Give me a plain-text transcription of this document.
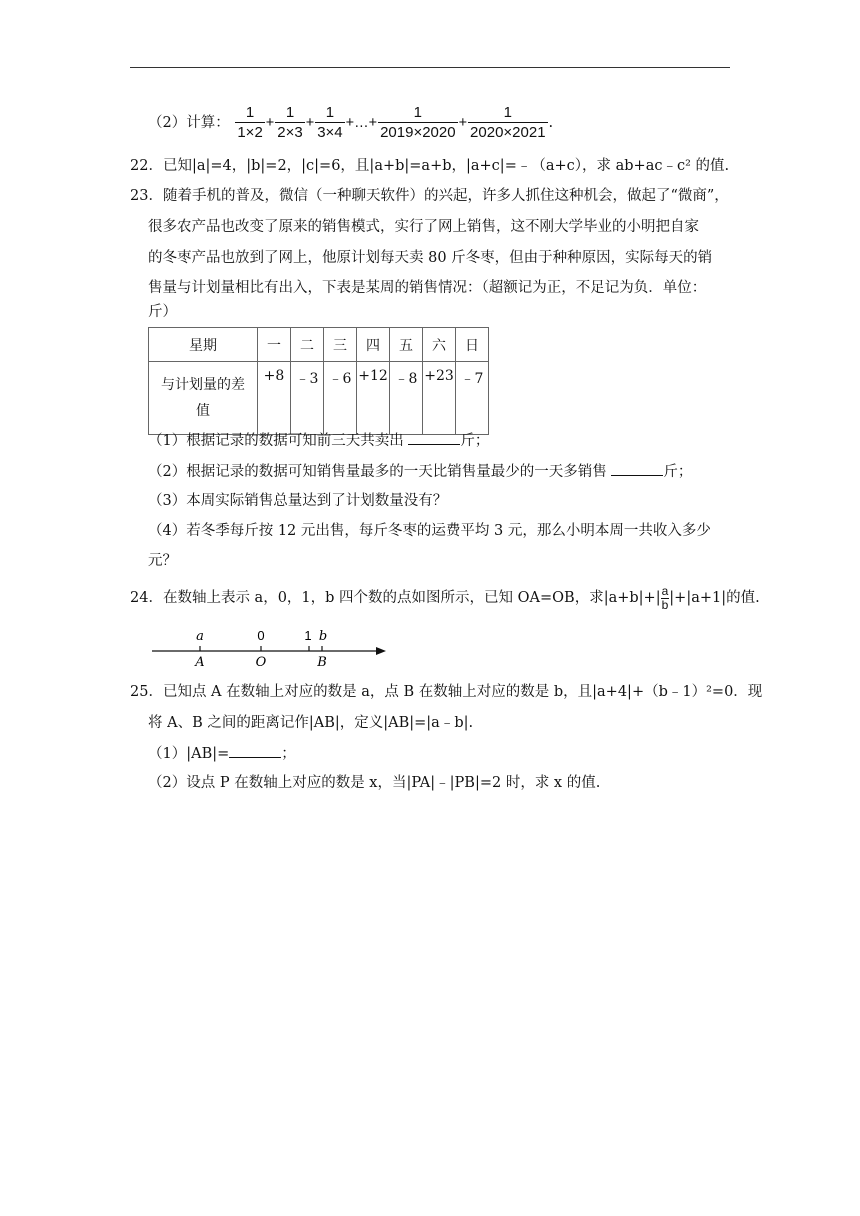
（2）计算： $\frac{1}{1\times 2} + \frac{1}{2\times 3} + \frac{1}{3\times 4}$ +…+ $\frac{1}{2019\times 2020} + \frac{1}{2020\times 2021}$ .
22．已知|a|=4，|b|=2，|c|=6，且|a+b|=a+b，|a+c|=﹣（a+c），求 ab+ac﹣c² 的值.
23．随着手机的普及，微信（一种聊天软件）的兴起，许多人抓住这种机会，做起了“微商”，
很多农产品也改变了原来的销售模式，实行了网上销售，这不刚大学毕业的小明把自家
的冬枣产品也放到了网上，他原计划每天卖 80 斤冬枣，但由于种种原因，实际每天的销
售量与计划量相比有出入，下表是某周的销售情况：（超额记为正，不足记为负．单位：
斤）
星期	一	二	三	四	五	六	日
与计划量的差
值	+8	﹣3	﹣6	+12	﹣8	+23	﹣7
（1）根据记录的数据可知前三天共卖出	斤；
（2）根据记录的数据可知销售量最多的一天比销售量最少的一天多销售	斤；
（3）本周实际销售总量达到了计划数量没有？
（4）若冬季每斤按 12 元出售，每斤冬枣的运费平均 3 元，那么小明本周一共收入多少
元？
24．在数轴上表示 a，0，1，b 四个数的点如图所示，已知 OA=OB，求$|a+b|+| \frac{a}{b} |+|a+1|$的值.
a	0	1 b
A	O	B
25．已知点 A 在数轴上对应的数是 a，点 B 在数轴上对应的数是 b，且|a+4|+（b﹣1）²=0．现
将 A、B 之间的距离记作|AB|，定义|AB|=|a﹣b|.
（1）|AB|=	；
（2）设点 P 在数轴上对应的数是 x，当|PA|﹣|PB|=2 时，求 x 的值.
